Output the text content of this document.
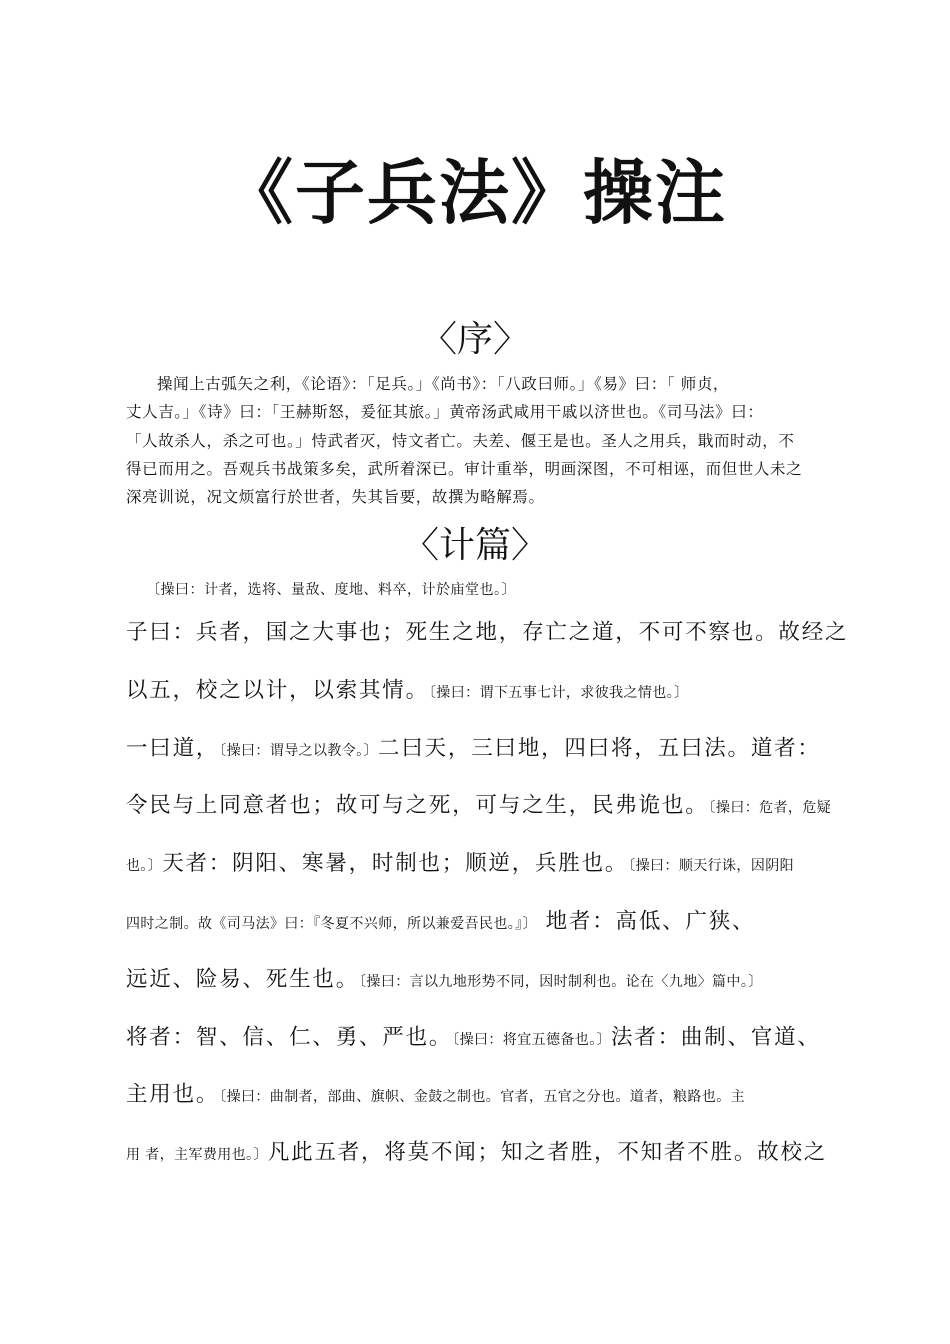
《子兵法》操注
〈序〉
操闻上古弧矢之利，《论语》：「足兵。」《尚书》：「八政曰师。」《易》曰：「 师贞，
丈人吉。」《诗》曰：「王赫斯怒，爰征其旅。」黄帝汤武咸用干戚以济世也。《司马法》曰：
「人故杀人，杀之可也。」恃武者灭，恃文者亡。夫差、偃王是也。圣人之用兵，戢而时动，不
得已而用之。吾观兵书战策多矣，武所着深已。审计重举，明画深图，不可相诬，而但世人未之
深亮训说，况文烦富行於世者，失其旨要，故撰为略解焉。
〈计篇〉
〔操曰：计者，选将、量敌、度地、料卒，计於庙堂也。〕
子曰：兵者，国之大事也；死生之地，存亡之道，不可不察也。故经之
以五，校之以计，以索其情。〔操曰：谓下五事七计，求彼我之情也。〕
一曰道，〔操曰：谓导之以教令。〕二曰天，三曰地，四曰将，五曰法。道者：
令民与上同意者也；故可与之死，可与之生，民弗诡也。〔操曰：危者，危疑
也。〕天者：阴阳、寒暑，时制也；顺逆，兵胜也。〔操曰：顺天行诛，因阴阳
四时之制。故《司马法》曰：『冬夏不兴师，所以兼爱吾民也。』〕 地者：高低、广狭、
远近、险易、死生也。〔操曰：言以九地形势不同，因时制利也。论在〈九地〉篇中。〕
将者：智、信、仁、勇、严也。〔操曰：将宜五德备也。〕法者：曲制、官道、
主用也。〔操曰：曲制者，部曲、旗帜、金鼓之制也。官者，五官之分也。道者，粮路也。主
用 者，主军费用也。〕凡此五者，将莫不闻；知之者胜，不知者不胜。故校之
